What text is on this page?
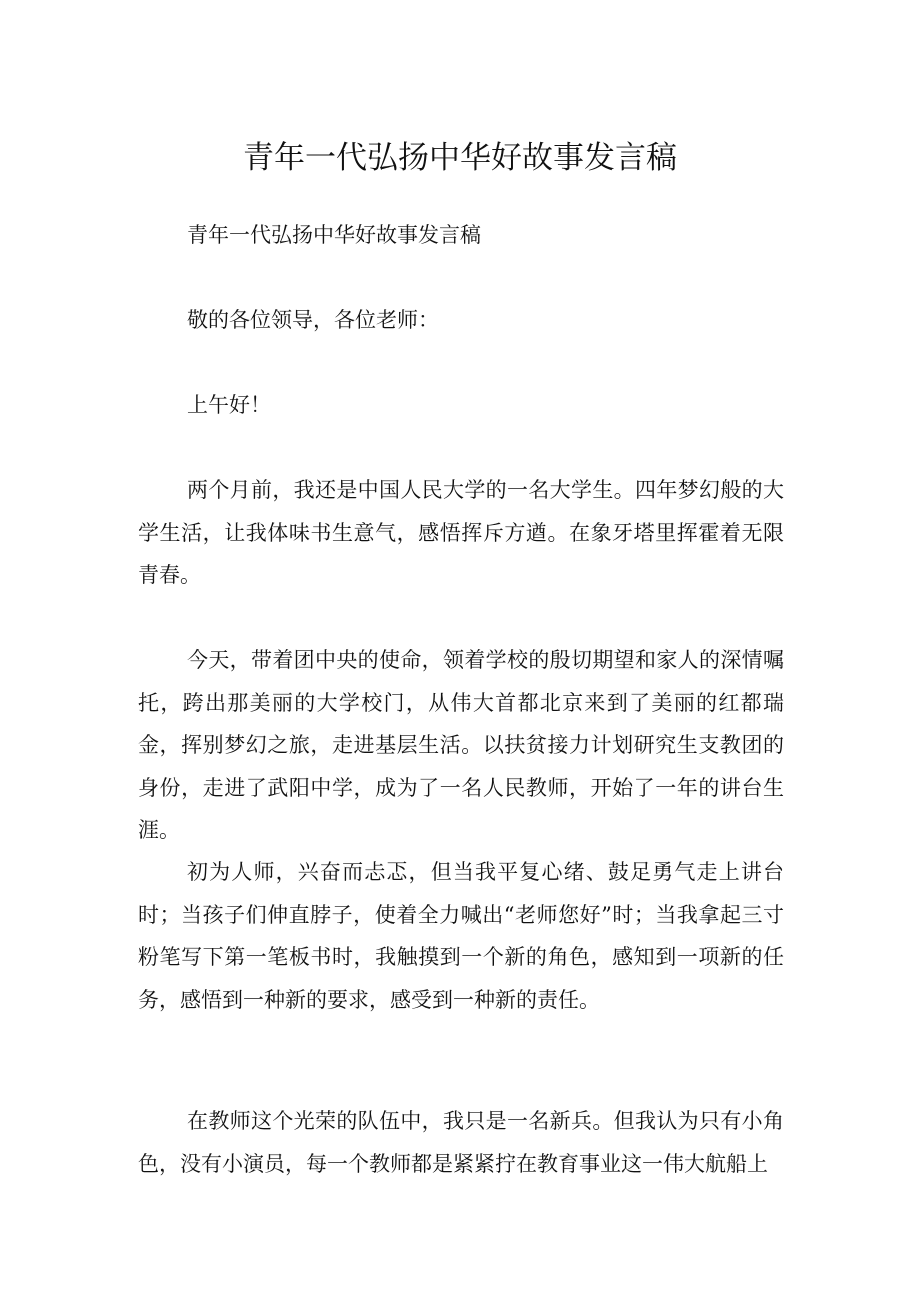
青年一代弘扬中华好故事发言稿

青年一代弘扬中华好故事发言稿

敬的各位领导，各位老师：

上午好！

两个月前，我还是中国人民大学的一名大学生。四年梦幻般的大学生活，让我体味书生意气，感悟挥斥方遒。在象牙塔里挥霍着无限青春。

今天，带着团中央的使命，领着学校的殷切期望和家人的深情嘱托，跨出那美丽的大学校门，从伟大首都北京来到了美丽的红都瑞金，挥别梦幻之旅，走进基层生活。以扶贫接力计划研究生支教团的身份，走进了武阳中学，成为了一名人民教师，开始了一年的讲台生涯。

初为人师，兴奋而忐忑，但当我平复心绪、鼓足勇气走上讲台时；当孩子们伸直脖子，使着全力喊出“老师您好”时；当我拿起三寸粉笔写下第一笔板书时，我触摸到一个新的角色，感知到一项新的任务，感悟到一种新的要求，感受到一种新的责任。

在教师这个光荣的队伍中，我只是一名新兵。但我认为只有小角色，没有小演员，每一个教师都是紧紧拧在教育事业这一伟大航船上
